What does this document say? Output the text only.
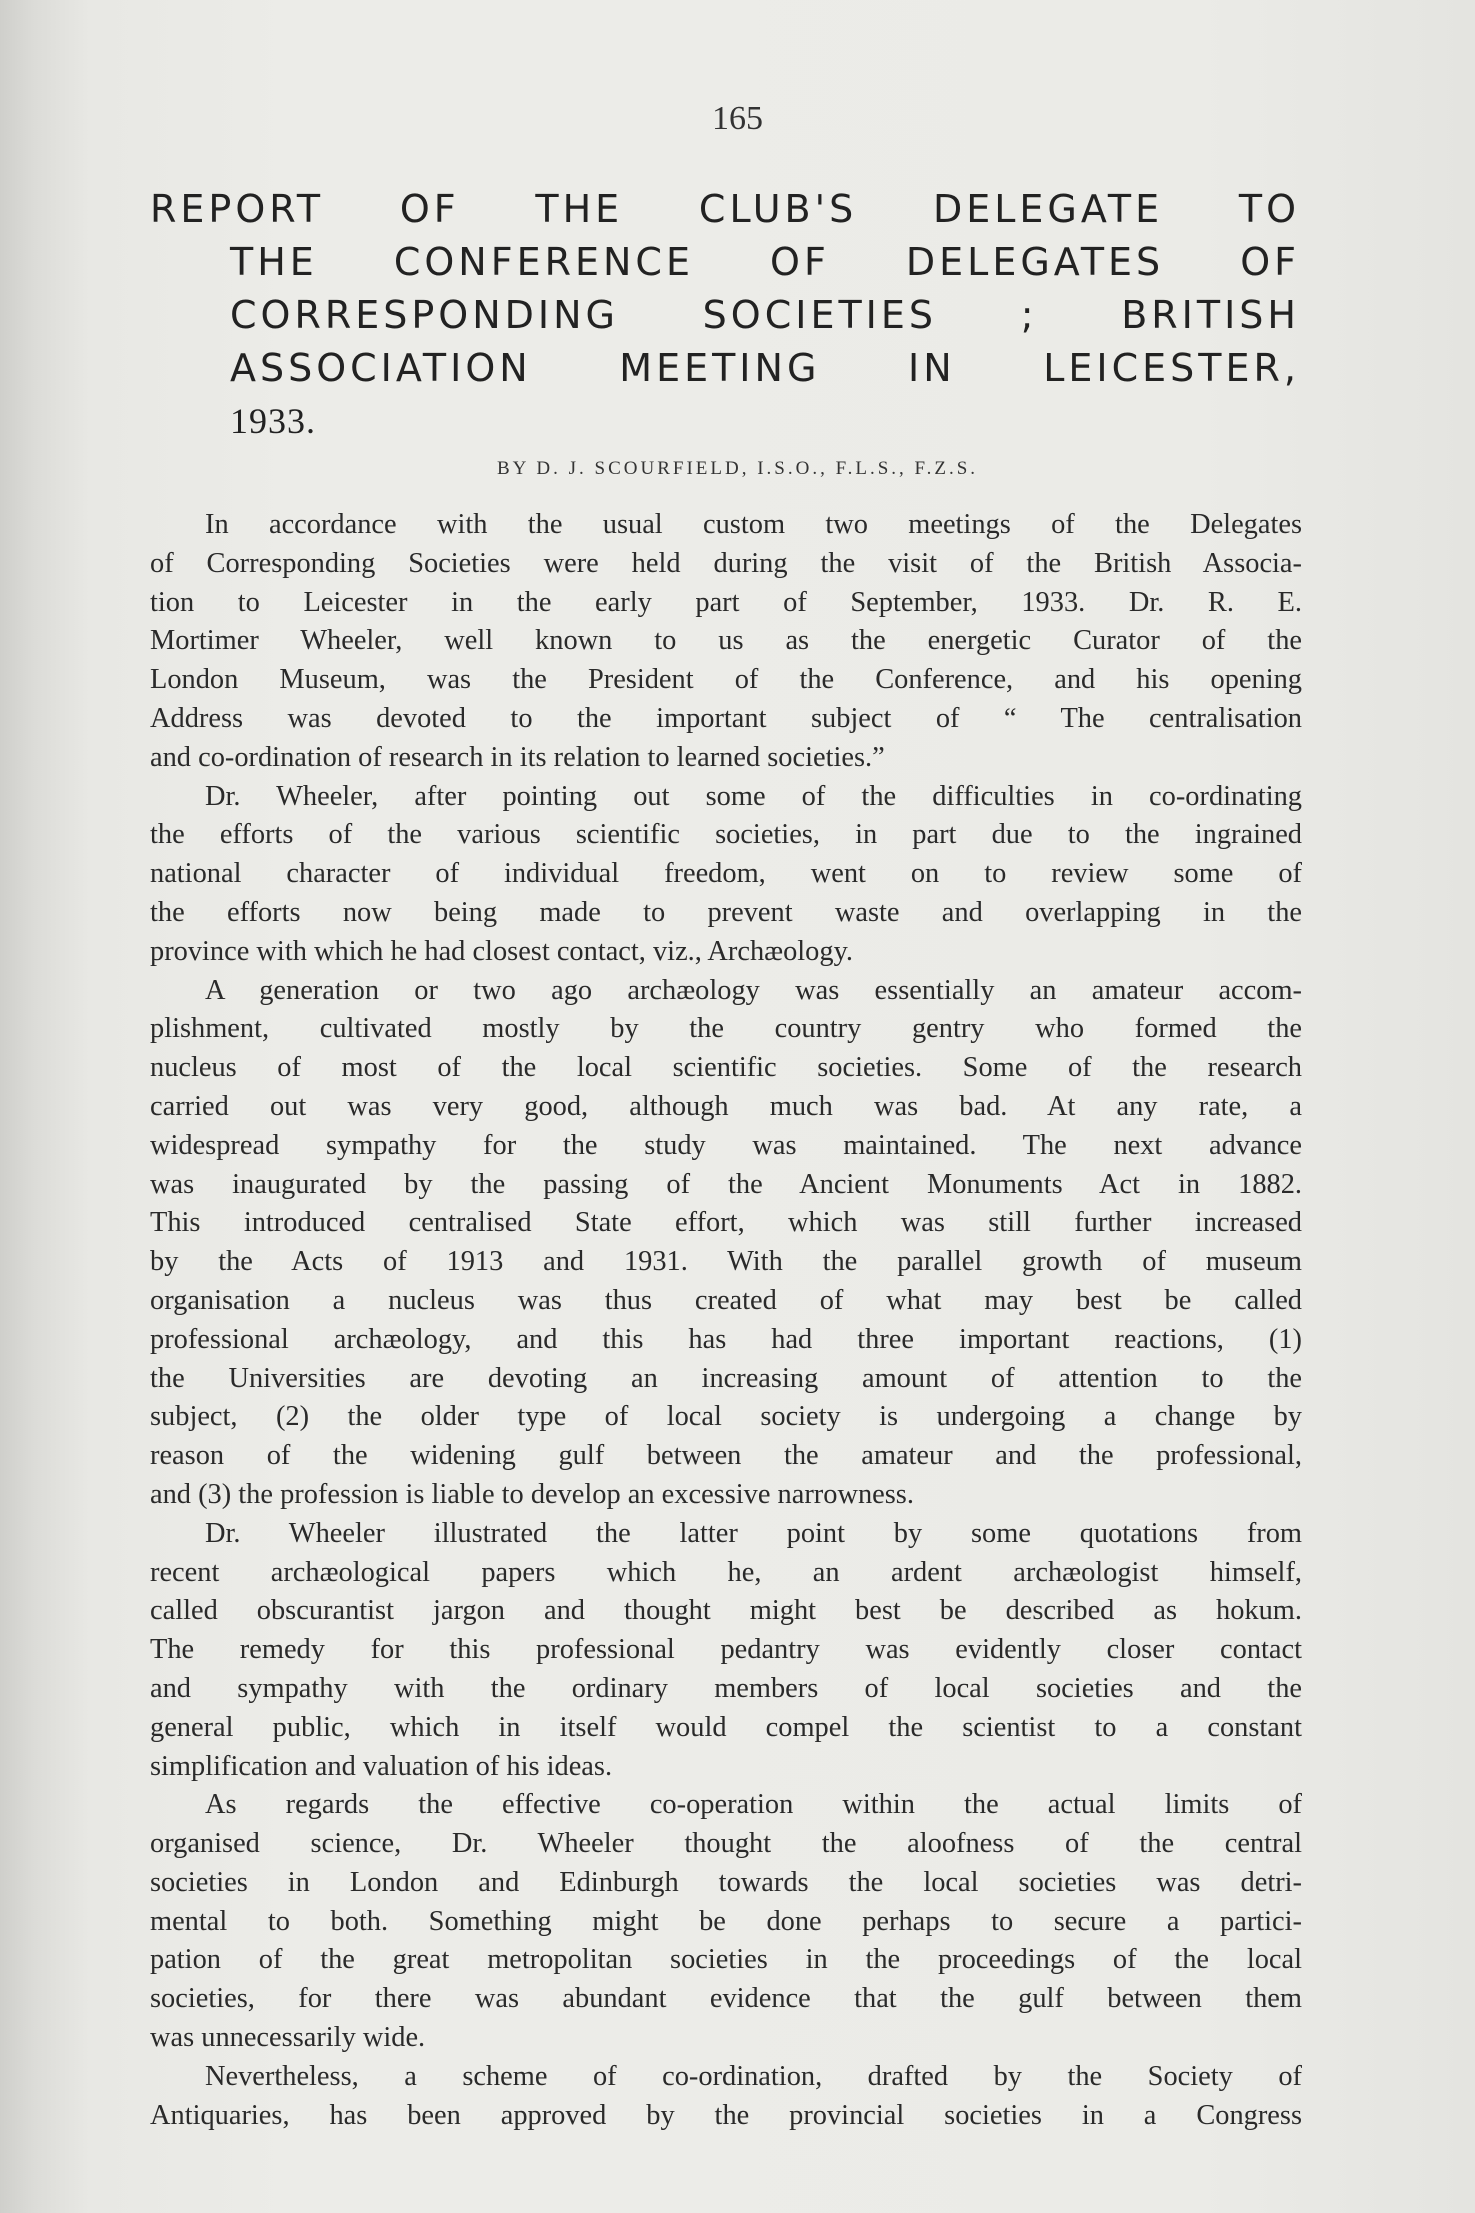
165
REPORT OF THE CLUB'S DELEGATE TO
THE CONFERENCE OF DELEGATES OF
CORRESPONDING SOCIETIES ; BRITISH
ASSOCIATION MEETING IN LEICESTER,
1933.
BY D. J. SCOURFIELD, I.S.O., F.L.S., F.Z.S.
In accordance with the usual custom two meetings of the Delegates
of Corresponding Societies were held during the visit of the British Associa-
tion to Leicester in the early part of September, 1933. Dr. R. E.
Mortimer Wheeler, well known to us as the energetic Curator of the
London Museum, was the President of the Conference, and his opening
Address was devoted to the important subject of “ The centralisation
and co-ordination of research in its relation to learned societies.”
Dr. Wheeler, after pointing out some of the difficulties in co-ordinating
the efforts of the various scientific societies, in part due to the ingrained
national character of individual freedom, went on to review some of
the efforts now being made to prevent waste and overlapping in the
province with which he had closest contact, viz., Archæology.
A generation or two ago archæology was essentially an amateur accom-
plishment, cultivated mostly by the country gentry who formed the
nucleus of most of the local scientific societies. Some of the research
carried out was very good, although much was bad. At any rate, a
widespread sympathy for the study was maintained. The next advance
was inaugurated by the passing of the Ancient Monuments Act in 1882.
This introduced centralised State effort, which was still further increased
by the Acts of 1913 and 1931. With the parallel growth of museum
organisation a nucleus was thus created of what may best be called
professional archæology, and this has had three important reactions, (1)
the Universities are devoting an increasing amount of attention to the
subject, (2) the older type of local society is undergoing a change by
reason of the widening gulf between the amateur and the professional,
and (3) the profession is liable to develop an excessive narrowness.
Dr. Wheeler illustrated the latter point by some quotations from
recent archæological papers which he, an ardent archæologist himself,
called obscurantist jargon and thought might best be described as hokum.
The remedy for this professional pedantry was evidently closer contact
and sympathy with the ordinary members of local societies and the
general public, which in itself would compel the scientist to a constant
simplification and valuation of his ideas.
As regards the effective co-operation within the actual limits of
organised science, Dr. Wheeler thought the aloofness of the central
societies in London and Edinburgh towards the local societies was detri-
mental to both. Something might be done perhaps to secure a partici-
pation of the great metropolitan societies in the proceedings of the local
societies, for there was abundant evidence that the gulf between them
was unnecessarily wide.
Nevertheless, a scheme of co-ordination, drafted by the Society of
Antiquaries, has been approved by the provincial societies in a Congress
